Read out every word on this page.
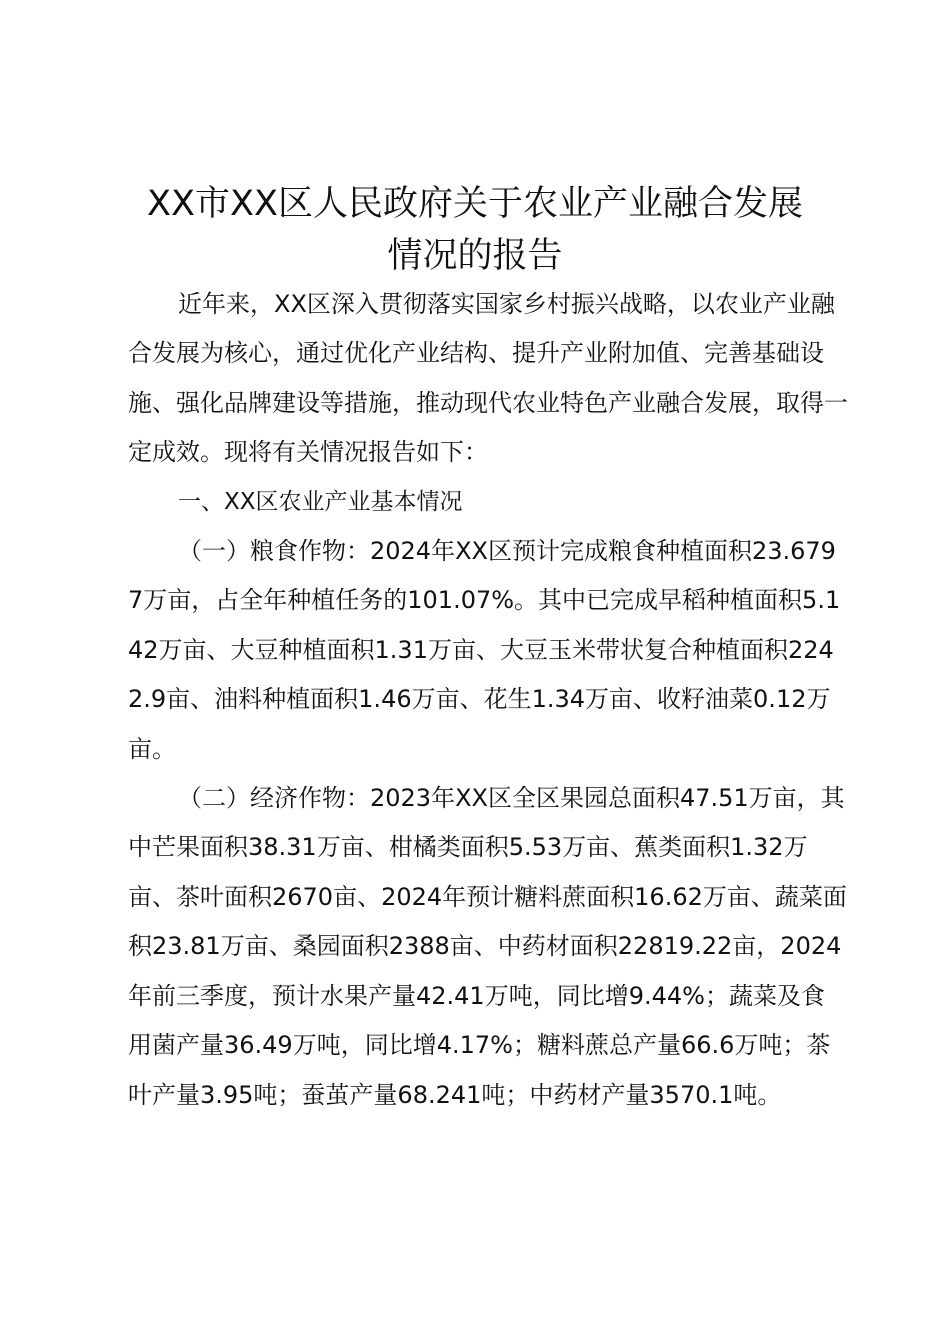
XX市XX区人民政府关于农业产业融合发展
情况的报告

近年来，XX区深入贯彻落实国家乡村振兴战略，以农业产业融合发展为核心，通过优化产业结构、提升产业附加值、完善基础设施、强化品牌建设等措施，推动现代农业特色产业融合发展，取得一定成效。现将有关情况报告如下：

一、XX区农业产业基本情况

（一）粮食作物：2024年XX区预计完成粮食种植面积23.6797万亩，占全年种植任务的101.07%。其中已完成早稻种植面积5.142万亩、大豆种植面积1.31万亩、大豆玉米带状复合种植面积2242.9亩、油料种植面积1.46万亩、花生1.34万亩、收籽油菜0.12万亩。

（二）经济作物：2023年XX区全区果园总面积47.51万亩，其中芒果面积38.31万亩、柑橘类面积5.53万亩、蕉类面积1.32万亩、茶叶面积2670亩、2024年预计糖料蔗面积16.62万亩、蔬菜面积23.81万亩、桑园面积2388亩、中药材面积22819.22亩，2024年前三季度，预计水果产量42.41万吨，同比增9.44%；蔬菜及食用菌产量36.49万吨，同比增4.17%；糖料蔗总产量66.6万吨；茶叶产量3.95吨；蚕茧产量68.241吨；中药材产量3570.1吨。
